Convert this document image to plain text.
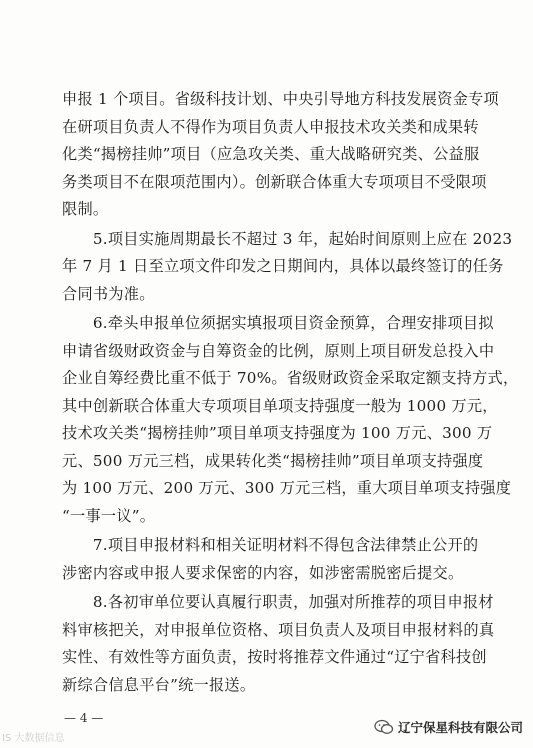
申报 1 个项目。省级科技计划、中央引导地方科技发展资金专项
在研项目负责人不得作为项目负责人申报技术攻关类和成果转
化类“揭榜挂帅”项目（应急攻关类、重大战略研究类、公益服
务类项目不在限项范围内）。创新联合体重大专项项目不受限项
限制。

　　5.项目实施周期最长不超过 3 年，起始时间原则上应在 2023
年 7 月 1 日至立项文件印发之日期间内，具体以最终签订的任务
合同书为准。

　　6.牵头申报单位须据实填报项目资金预算，合理安排项目拟
申请省级财政资金与自筹资金的比例，原则上项目研发总投入中
企业自筹经费比重不低于 70%。省级财政资金采取定额支持方式，
其中创新联合体重大专项项目单项支持强度一般为 1000 万元，
技术攻关类“揭榜挂帅”项目单项支持强度为 100 万元、300 万
元、500 万元三档，成果转化类“揭榜挂帅”项目单项支持强度
为 100 万元、200 万元、300 万元三档，重大项目单项支持强度
“一事一议”。

　　7.项目申报材料和相关证明材料不得包含法律禁止公开的
涉密内容或申报人要求保密的内容，如涉密需脱密后提交。

　　8.各初审单位要认真履行职责，加强对所推荐的项目申报材
料审核把关，对申报单位资格、项目负责人及项目申报材料的真
实性、有效性等方面负责，按时将推荐文件通过“辽宁省科技创
新综合信息平台”统一报送。

— 4 —
IS 大数据信息
辽宁保星科技有限公司
